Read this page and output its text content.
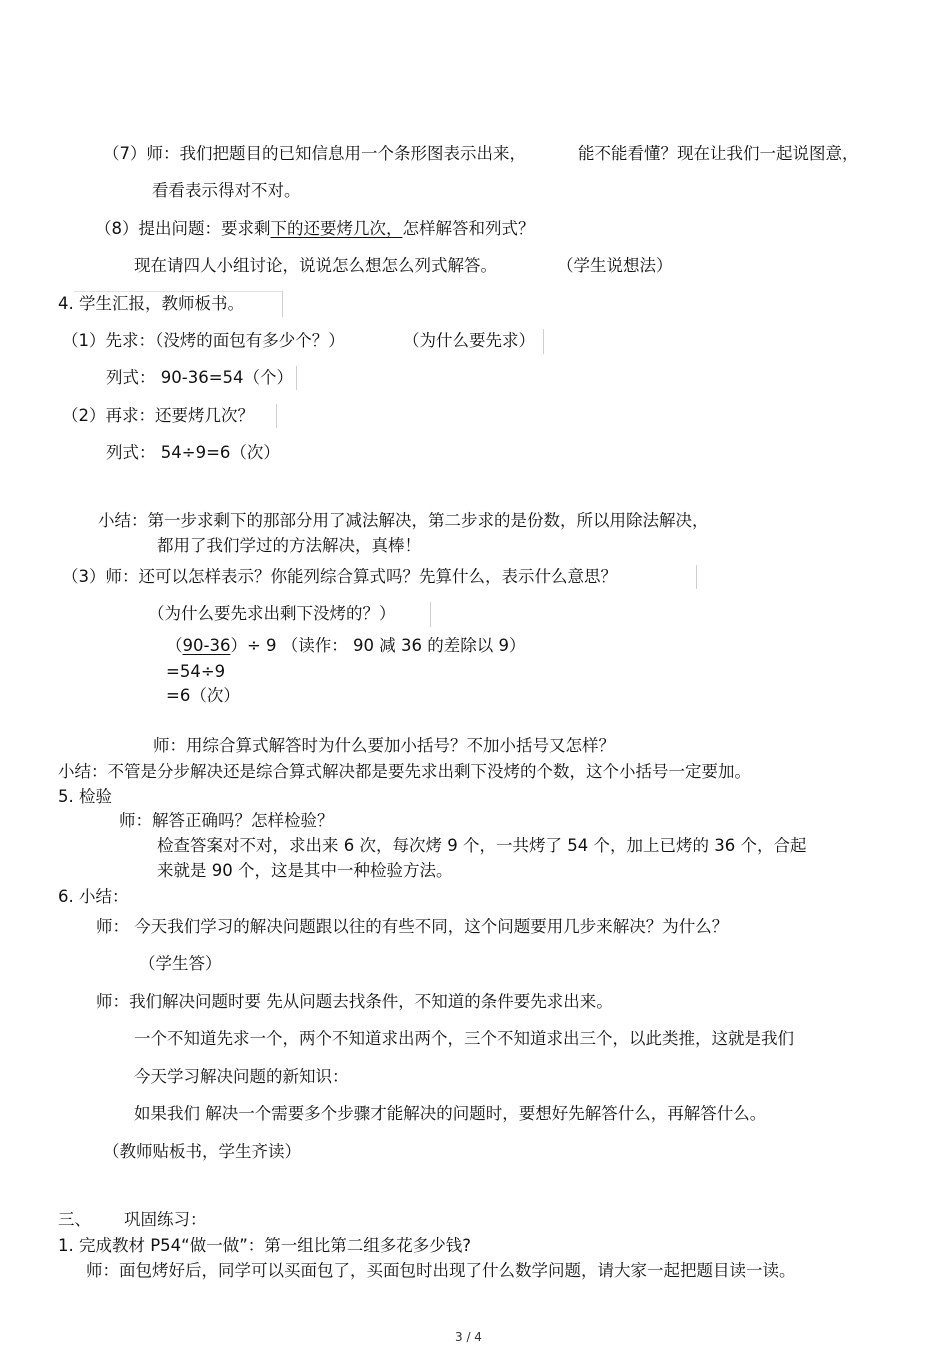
（7）师：我们把题目的已知信息用一个条形图表示出来，	能不能看懂？现在让我们一起说图意，
看看表示得对不对。
（8）提出问题：要求剩下的还要烤几次，怎样解答和列式？
现在请四人小组讨论，说说怎么想怎么列式解答。	（学生说想法）
4. 学生汇报，教师板书。
（1）先求：（没烤的面包有多少个？）	（为什么要先求）
列式： 90-36=54（个）
（2）再求：还要烤几次？
列式： 54÷9=6（次）
小结：第一步求剩下的那部分用了减法解决，第二步求的是份数，所以用除法解决，
都用了我们学过的方法解决，真棒！
（3）师：还可以怎样表示？你能列综合算式吗？先算什么，表示什么意思？
（为什么要先求出剩下没烤的？）
（90-36）÷ 9 （读作： 90 减 36 的差除以 9）
=54÷9
=6（次）
师：用综合算式解答时为什么要加小括号？不加小括号又怎样？
小结：不管是分步解决还是综合算式解决都是要先求出剩下没烤的个数，这个小括号一定要加。
5. 检验
师：解答正确吗？怎样检验？
检查答案对不对，求出来 6 次，每次烤 9 个，一共烤了 54 个，加上已烤的 36 个，合起
来就是 90 个，这是其中一种检验方法。
6. 小结：
师： 今天我们学习的解决问题跟以往的有些不同，这个问题要用几步来解决？为什么？
（学生答）
师：我们解决问题时要 先从问题去找条件，不知道的条件要先求出来。
一个不知道先求一个，两个不知道求出两个，三个不知道求出三个，以此类推，这就是我们
今天学习解决问题的新知识：
如果我们 解决一个需要多个步骤才能解决的问题时，要想好先解答什么，再解答什么。
（教师贴板书，学生齐读）
三、 巩固练习：
1. 完成教材 P54“做一做”：第一组比第二组多花多少钱?
师：面包烤好后，同学可以买面包了，买面包时出现了什么数学问题，请大家一起把题目读一读。
3 / 4
